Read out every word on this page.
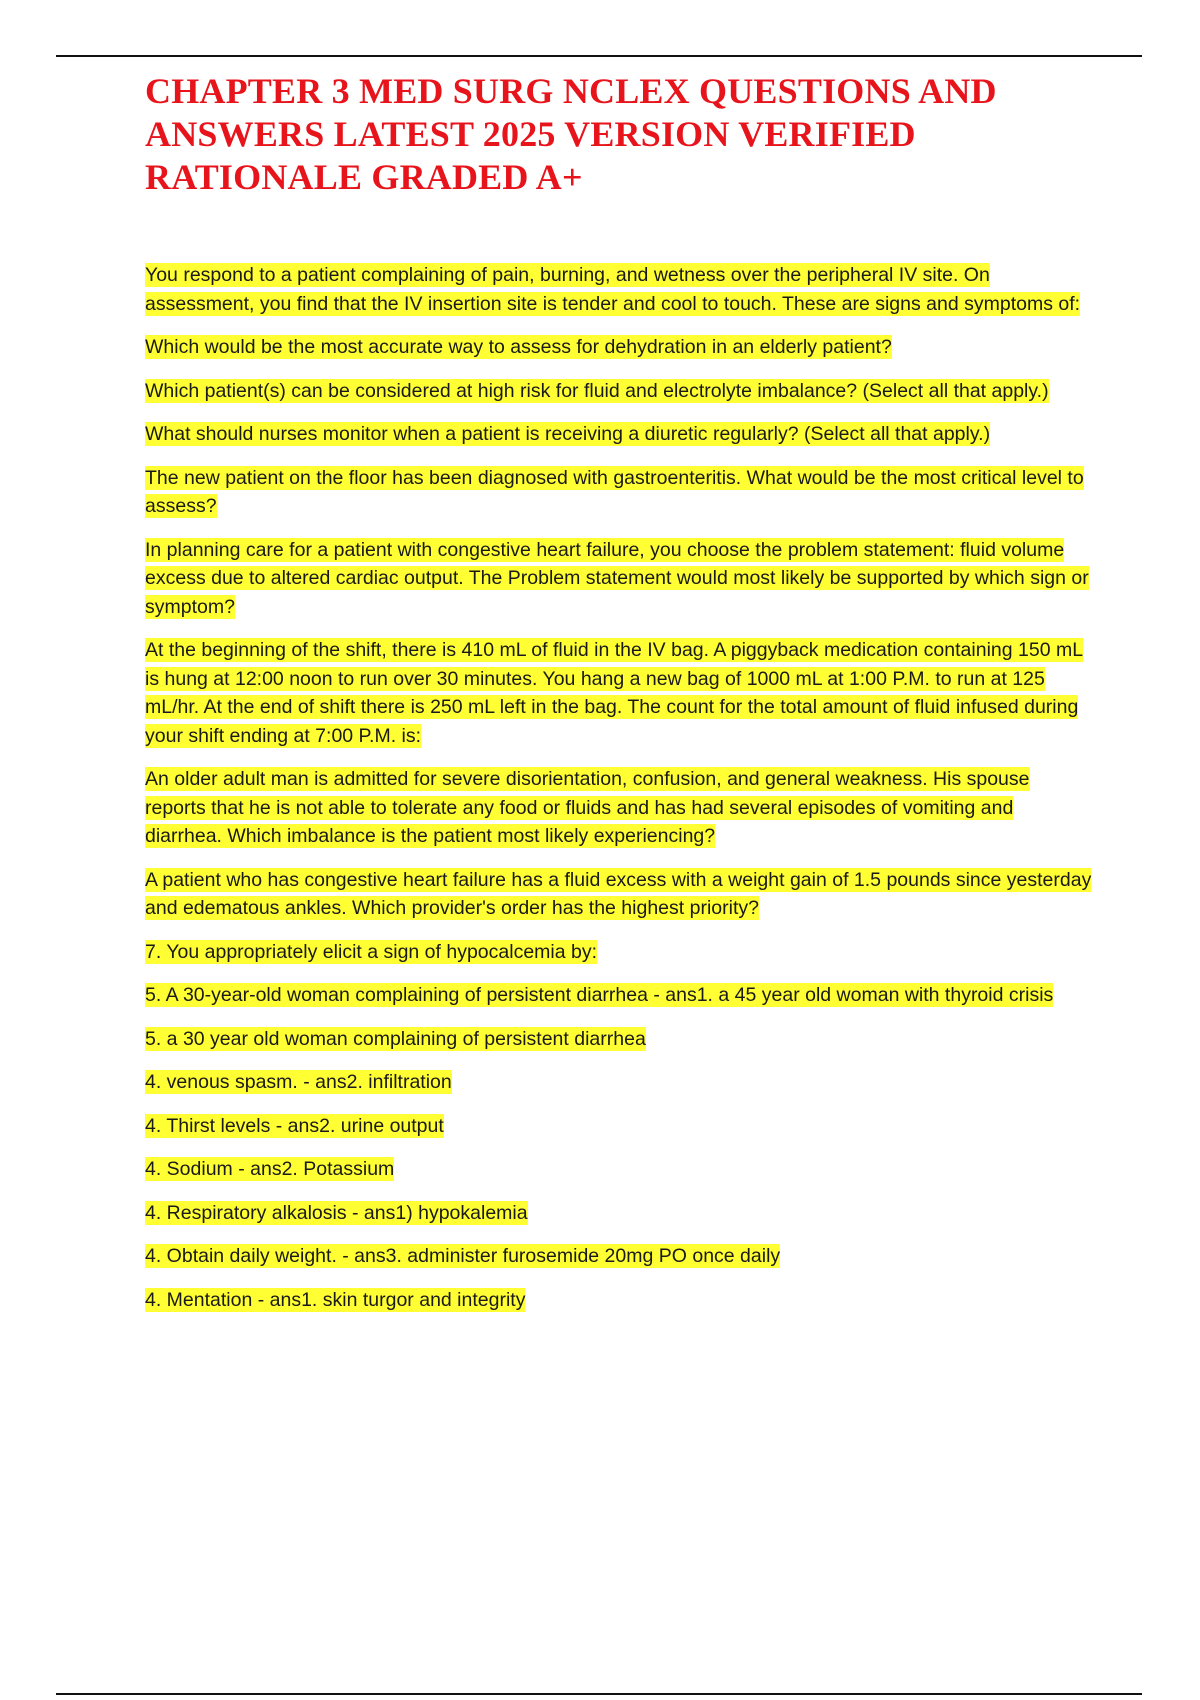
CHAPTER 3 MED SURG NCLEX QUESTIONS AND ANSWERS LATEST 2025 VERSION VERIFIED RATIONALE GRADED A+

You respond to a patient complaining of pain, burning, and wetness over the peripheral IV site. On assessment, you find that the IV insertion site is tender and cool to touch. These are signs and symptoms of:

Which would be the most accurate way to assess for dehydration in an elderly patient?

Which patient(s) can be considered at high risk for fluid and electrolyte imbalance? (Select all that apply.)

What should nurses monitor when a patient is receiving a diuretic regularly? (Select all that apply.)

The new patient on the floor has been diagnosed with gastroenteritis. What would be the most critical level to assess?

In planning care for a patient with congestive heart failure, you choose the problem statement: fluid volume excess due to altered cardiac output. The Problem statement would most likely be supported by which sign or symptom?

At the beginning of the shift, there is 410 mL of fluid in the IV bag. A piggyback medication containing 150 mL is hung at 12:00 noon to run over 30 minutes. You hang a new bag of 1000 mL at 1:00 P.M. to run at 125 mL/hr. At the end of shift there is 250 mL left in the bag. The count for the total amount of fluid infused during your shift ending at 7:00 P.M. is:

An older adult man is admitted for severe disorientation, confusion, and general weakness. His spouse reports that he is not able to tolerate any food or fluids and has had several episodes of vomiting and diarrhea. Which imbalance is the patient most likely experiencing?

A patient who has congestive heart failure has a fluid excess with a weight gain of 1.5 pounds since yesterday and edematous ankles. Which provider's order has the highest priority?

7. You appropriately elicit a sign of hypocalcemia by:

5. A 30-year-old woman complaining of persistent diarrhea - ans1. a 45 year old woman with thyroid crisis

5. a 30 year old woman complaining of persistent diarrhea

4. venous spasm. - ans2. infiltration

4. Thirst levels - ans2. urine output

4. Sodium - ans2. Potassium

4. Respiratory alkalosis - ans1) hypokalemia

4. Obtain daily weight. - ans3. administer furosemide 20mg PO once daily

4. Mentation - ans1. skin turgor and integrity
